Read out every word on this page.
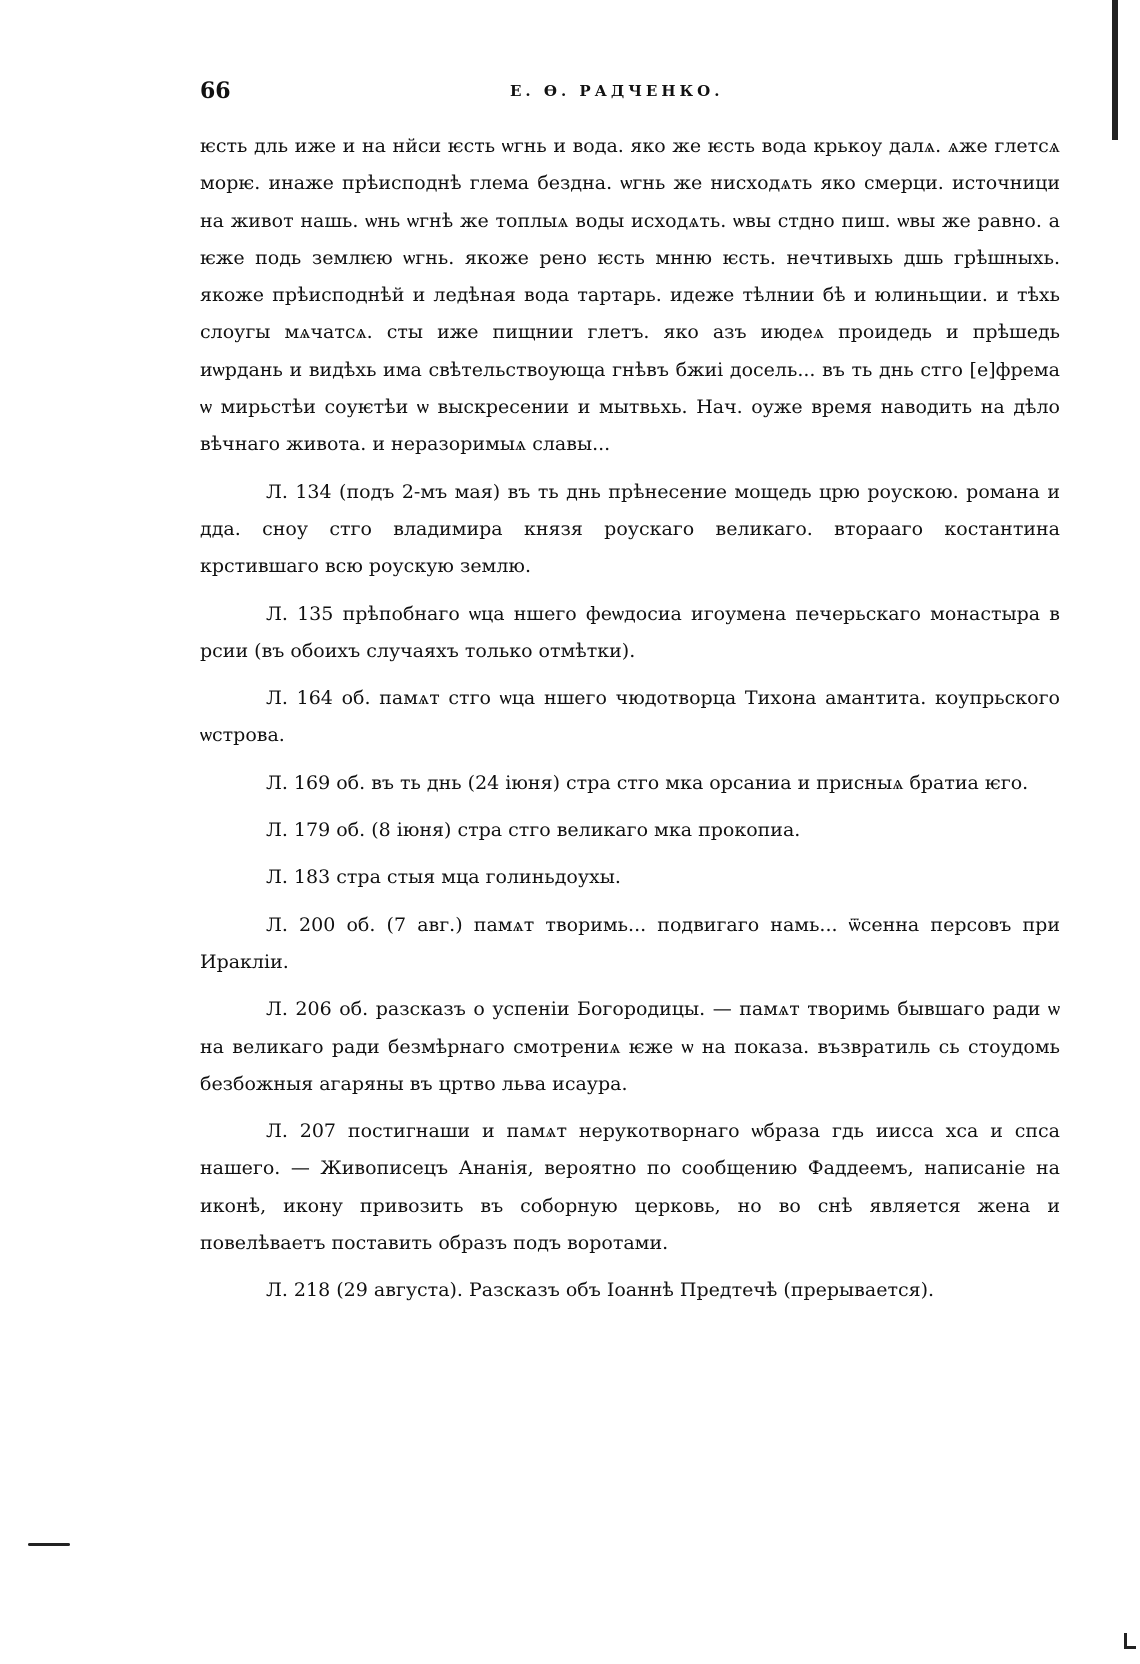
66	Е. Ө. РАДЧЕНКО.

ѥсть дль иже и на нйси ѥсть ѡгнь и вода. яко же ѥсть вода крькоу далѧ. ѧже глетсѧ морѥ. инаже прѣисподнѣ глема бездна. ѡгнь же нисходѧть яко смерци. источници на живот нашь. ѡнь ѡгнѣ же топлыѧ воды исходѧть. ѡвы стдно пиш. ѡвы же равно. а ѥже подь землѥю ѡгнь. якоже рено ѥсть мнню ѥсть. нечтивыхь дшь грѣшныхь. якоже прѣисподнѣй и ледѣная вода тартарь. идеже тѣлнии бѣ и юлиньщии. и тѣхь слоугы мѧчатсѧ. сты иже пищнии глетъ. яко азъ июдеѧ проидедь и прѣшедь иѡрдань и видѣхь има свѣтельствоующа гнѣвъ бжиі досель... въ ть днь стго [е]фрема ѡ мирьстѣи соуѥтѣи ѡ выскресении и мытвьхь. Нач. оуже время наводить на дѣло вѣчнаго живота. и неразоримыѧ славы...

Л. 134 (подъ 2-мъ мая) въ ть днь прѣнесение мощедь црю роускою. романа и дда. сноу стго владимира князя роускаго великаго. вторааго костантина крстившаго всю роускую землю.

Л. 135 прѣпобнаго ѡца ншего феѡдосиа игоумена печерьскаго монастыра в рсии (въ обоихъ случаяхъ только отмѣтки).

Л. 164 об. памѧт стго ѡца ншего чюдотворца Тихона амантита. коупрьского ѡстрова.

Л. 169 об. въ ть днь (24 іюня) стра стго мка орсаниа и присныѧ братиа ѥго.

Л. 179 об. (8 іюня) стра стго великаго мка прокопиа.

Л. 183 стра стыя мца голиньдоухы.

Л. 200 об. (7 авг.) памѧт творимь... подвигаго намь... ѿсенна персовъ при Иракліи.

Л. 206 об. разсказъ о успеніи Богородицы. — памѧт творимь бывшаго ради ѡ на великаго ради безмѣрнаго смотрениѧ ѥже ѡ на показа. възвратиль сь стоудомь безбожныя агаряны въ цртво льва исаура.

Л. 207 постигнаши и памѧт нерукотворнаго ѡбраза гдь иисса хса и спса нашего. — Живописецъ Ананія, вероятно по сообщению Фаддеемъ, написаніе на иконѣ, икону привозить въ соборную церковь, но во снѣ является жена и повелѣваетъ поставить образъ подъ воротами.

Л. 218 (29 августа). Разсказъ объ Іоаннѣ Предтечѣ (прерывается).
